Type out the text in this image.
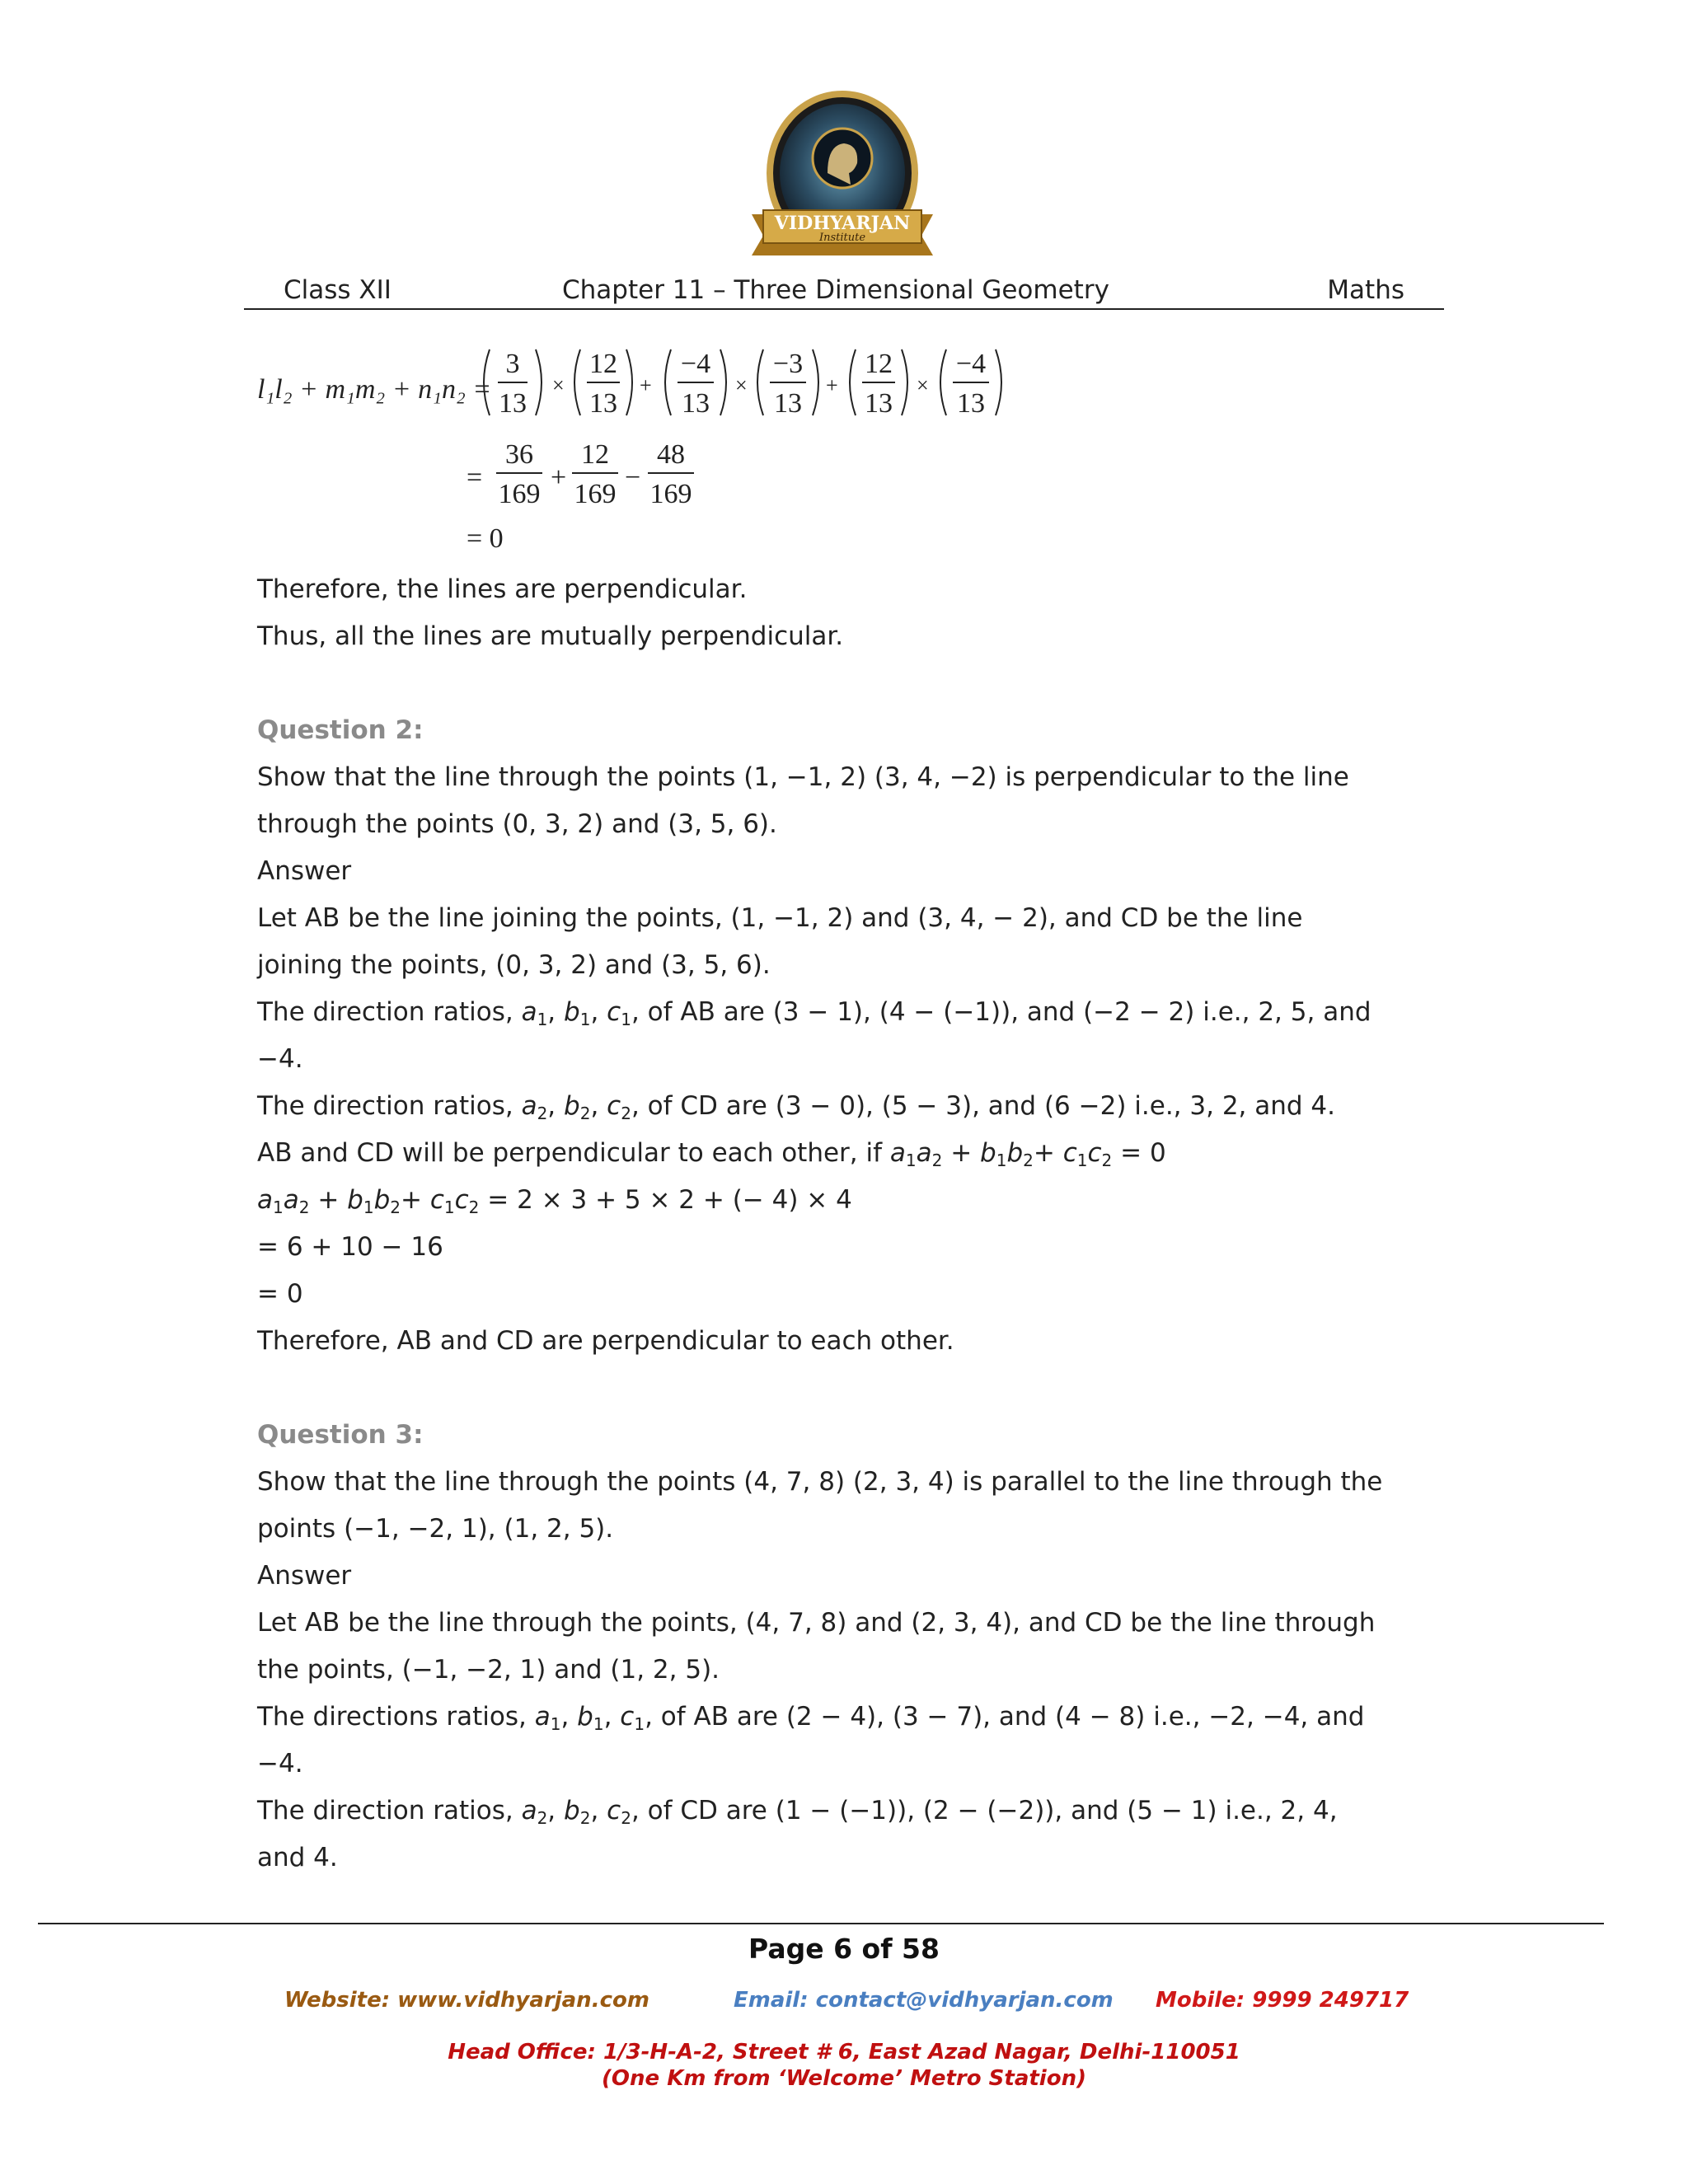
VIDHYARJAN
Institute
Class XII	Chapter 11 – Three Dimensional Geometry	Maths
l₁l₂ + m₁m₂ + n₁n₂ =
3
13
×
12
13
+
−4
13
×
−3
13
+
12
13
×
−4
13
=
36
169
+
12
169
−
48
169
= 0
Therefore, the lines are perpendicular.
Thus, all the lines are mutually perpendicular.
Question 2:
Show that the line through the points (1, −1, 2) (3, 4, −2) is perpendicular to the line
through the points (0, 3, 2) and (3, 5, 6).
Answer
Let AB be the line joining the points, (1, −1, 2) and (3, 4, − 2), and CD be the line
joining the points, (0, 3, 2) and (3, 5, 6).
The direction ratios, $a_1$, $b_1$, $c_1$, of AB are (3 − 1), (4 − (−1)), and (−2 − 2) i.e., 2, 5, and
−4.
The direction ratios, $a_2$, $b_2$, $c_2$, of CD are (3 − 0), (5 − 3), and (6 −2) i.e., 3, 2, and 4.
AB and CD will be perpendicular to each other, if $a_1a_2 + b_1b_2+ c_1c_2 = 0$
$a_1a_2 + b_1b_2+ c_1c_2 = 2 \times 3 + 5 \times 2$ + (− 4) × 4
= 6 + 10 − 16
= 0
Therefore, AB and CD are perpendicular to each other.
Question 3:
Show that the line through the points (4, 7, 8) (2, 3, 4) is parallel to the line through the
points (−1, −2, 1), (1, 2, 5).
Answer
Let AB be the line through the points, (4, 7, 8) and (2, 3, 4), and CD be the line through
the points, (−1, −2, 1) and (1, 2, 5).
The directions ratios, $a_1$, $b_1$, $c_1$, of AB are (2 − 4), (3 − 7), and (4 − 8) i.e., −2, −4, and
−4.
The direction ratios, $a_2$, $b_2$, $c_2$, of CD are (1 − (−1)), (2 − (−2)), and (5 − 1) i.e., 2, 4,
and 4.
Page 6 of 58
Website: www.vidhyarjan.com	Email: contact@vidhyarjan.com Mobile: 9999 249717
Head Office: 1/3-H-A-2, Street # 6, East Azad Nagar, Delhi-110051
(One Km from ‘Welcome’ Metro Station)
